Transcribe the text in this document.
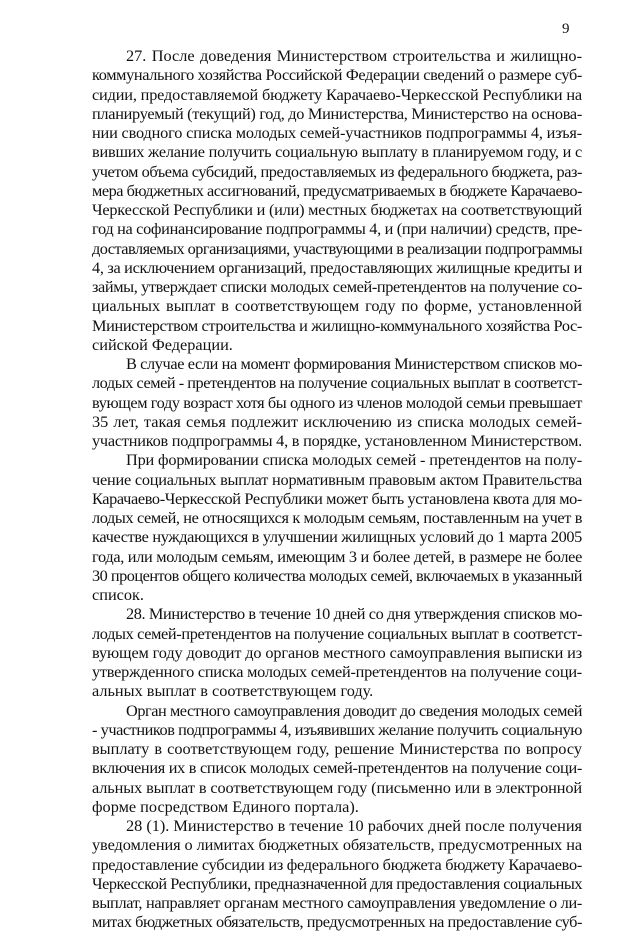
9
27. После доведения Министерством строительства и жилищно-
коммунального хозяйства Российской Федерации сведений о размере суб-
сидии, предоставляемой бюджету Карачаево-Черкесской Республики на
планируемый (текущий) год, до Министерства, Министерство на основа-
нии сводного списка молодых семей-участников подпрограммы 4, изъя-
вивших желание получить социальную выплату в планируемом году, и с
учетом объема субсидий, предоставляемых из федерального бюджета, раз-
мера бюджетных ассигнований, предусматриваемых в бюджете Карачаево-
Черкесской Республики и (или) местных бюджетах на соответствующий
год на софинансирование подпрограммы 4, и (при наличии) средств, пре-
доставляемых организациями, участвующими в реализации подпрограммы
4, за исключением организаций, предоставляющих жилищные кредиты и
займы, утверждает списки молодых семей-претендентов на получение со-
циальных выплат в соответствующем году по форме, установленной
Министерством строительства и жилищно-коммунального хозяйства Рос-
сийской Федерации.
В случае если на момент формирования Министерством списков мо-
лодых семей - претендентов на получение социальных выплат в соответст-
вующем году возраст хотя бы одного из членов молодой семьи превышает
35 лет, такая семья подлежит исключению из списка молодых семей-
участников подпрограммы 4, в порядке, установленном Министерством.
При формировании списка молодых семей - претендентов на полу-
чение социальных выплат нормативным правовым актом Правительства
Карачаево-Черкесской Республики может быть установлена квота для мо-
лодых семей, не относящихся к молодым семьям, поставленным на учет в
качестве нуждающихся в улучшении жилищных условий до 1 марта 2005
года, или молодым семьям, имеющим 3 и более детей, в размере не более
30 процентов общего количества молодых семей, включаемых в указанный
список.
28. Министерство в течение 10 дней со дня утверждения списков мо-
лодых семей-претендентов на получение социальных выплат в соответст-
вующем году доводит до органов местного самоуправления выписки из
утвержденного списка молодых семей-претендентов на получение соци-
альных выплат в соответствующем году.
Орган местного самоуправления доводит до сведения молодых семей
- участников подпрограммы 4, изъявивших желание получить социальную
выплату в соответствующем году, решение Министерства по вопросу
включения их в список молодых семей-претендентов на получение соци-
альных выплат в соответствующем году (письменно или в электронной
форме посредством Единого портала).
28 (1). Министерство в течение 10 рабочих дней после получения
уведомления о лимитах бюджетных обязательств, предусмотренных на
предоставление субсидии из федерального бюджета бюджету Карачаево-
Черкесской Республики, предназначенной для предоставления социальных
выплат, направляет органам местного самоуправления уведомление о ли-
митах бюджетных обязательств, предусмотренных на предоставление суб-
